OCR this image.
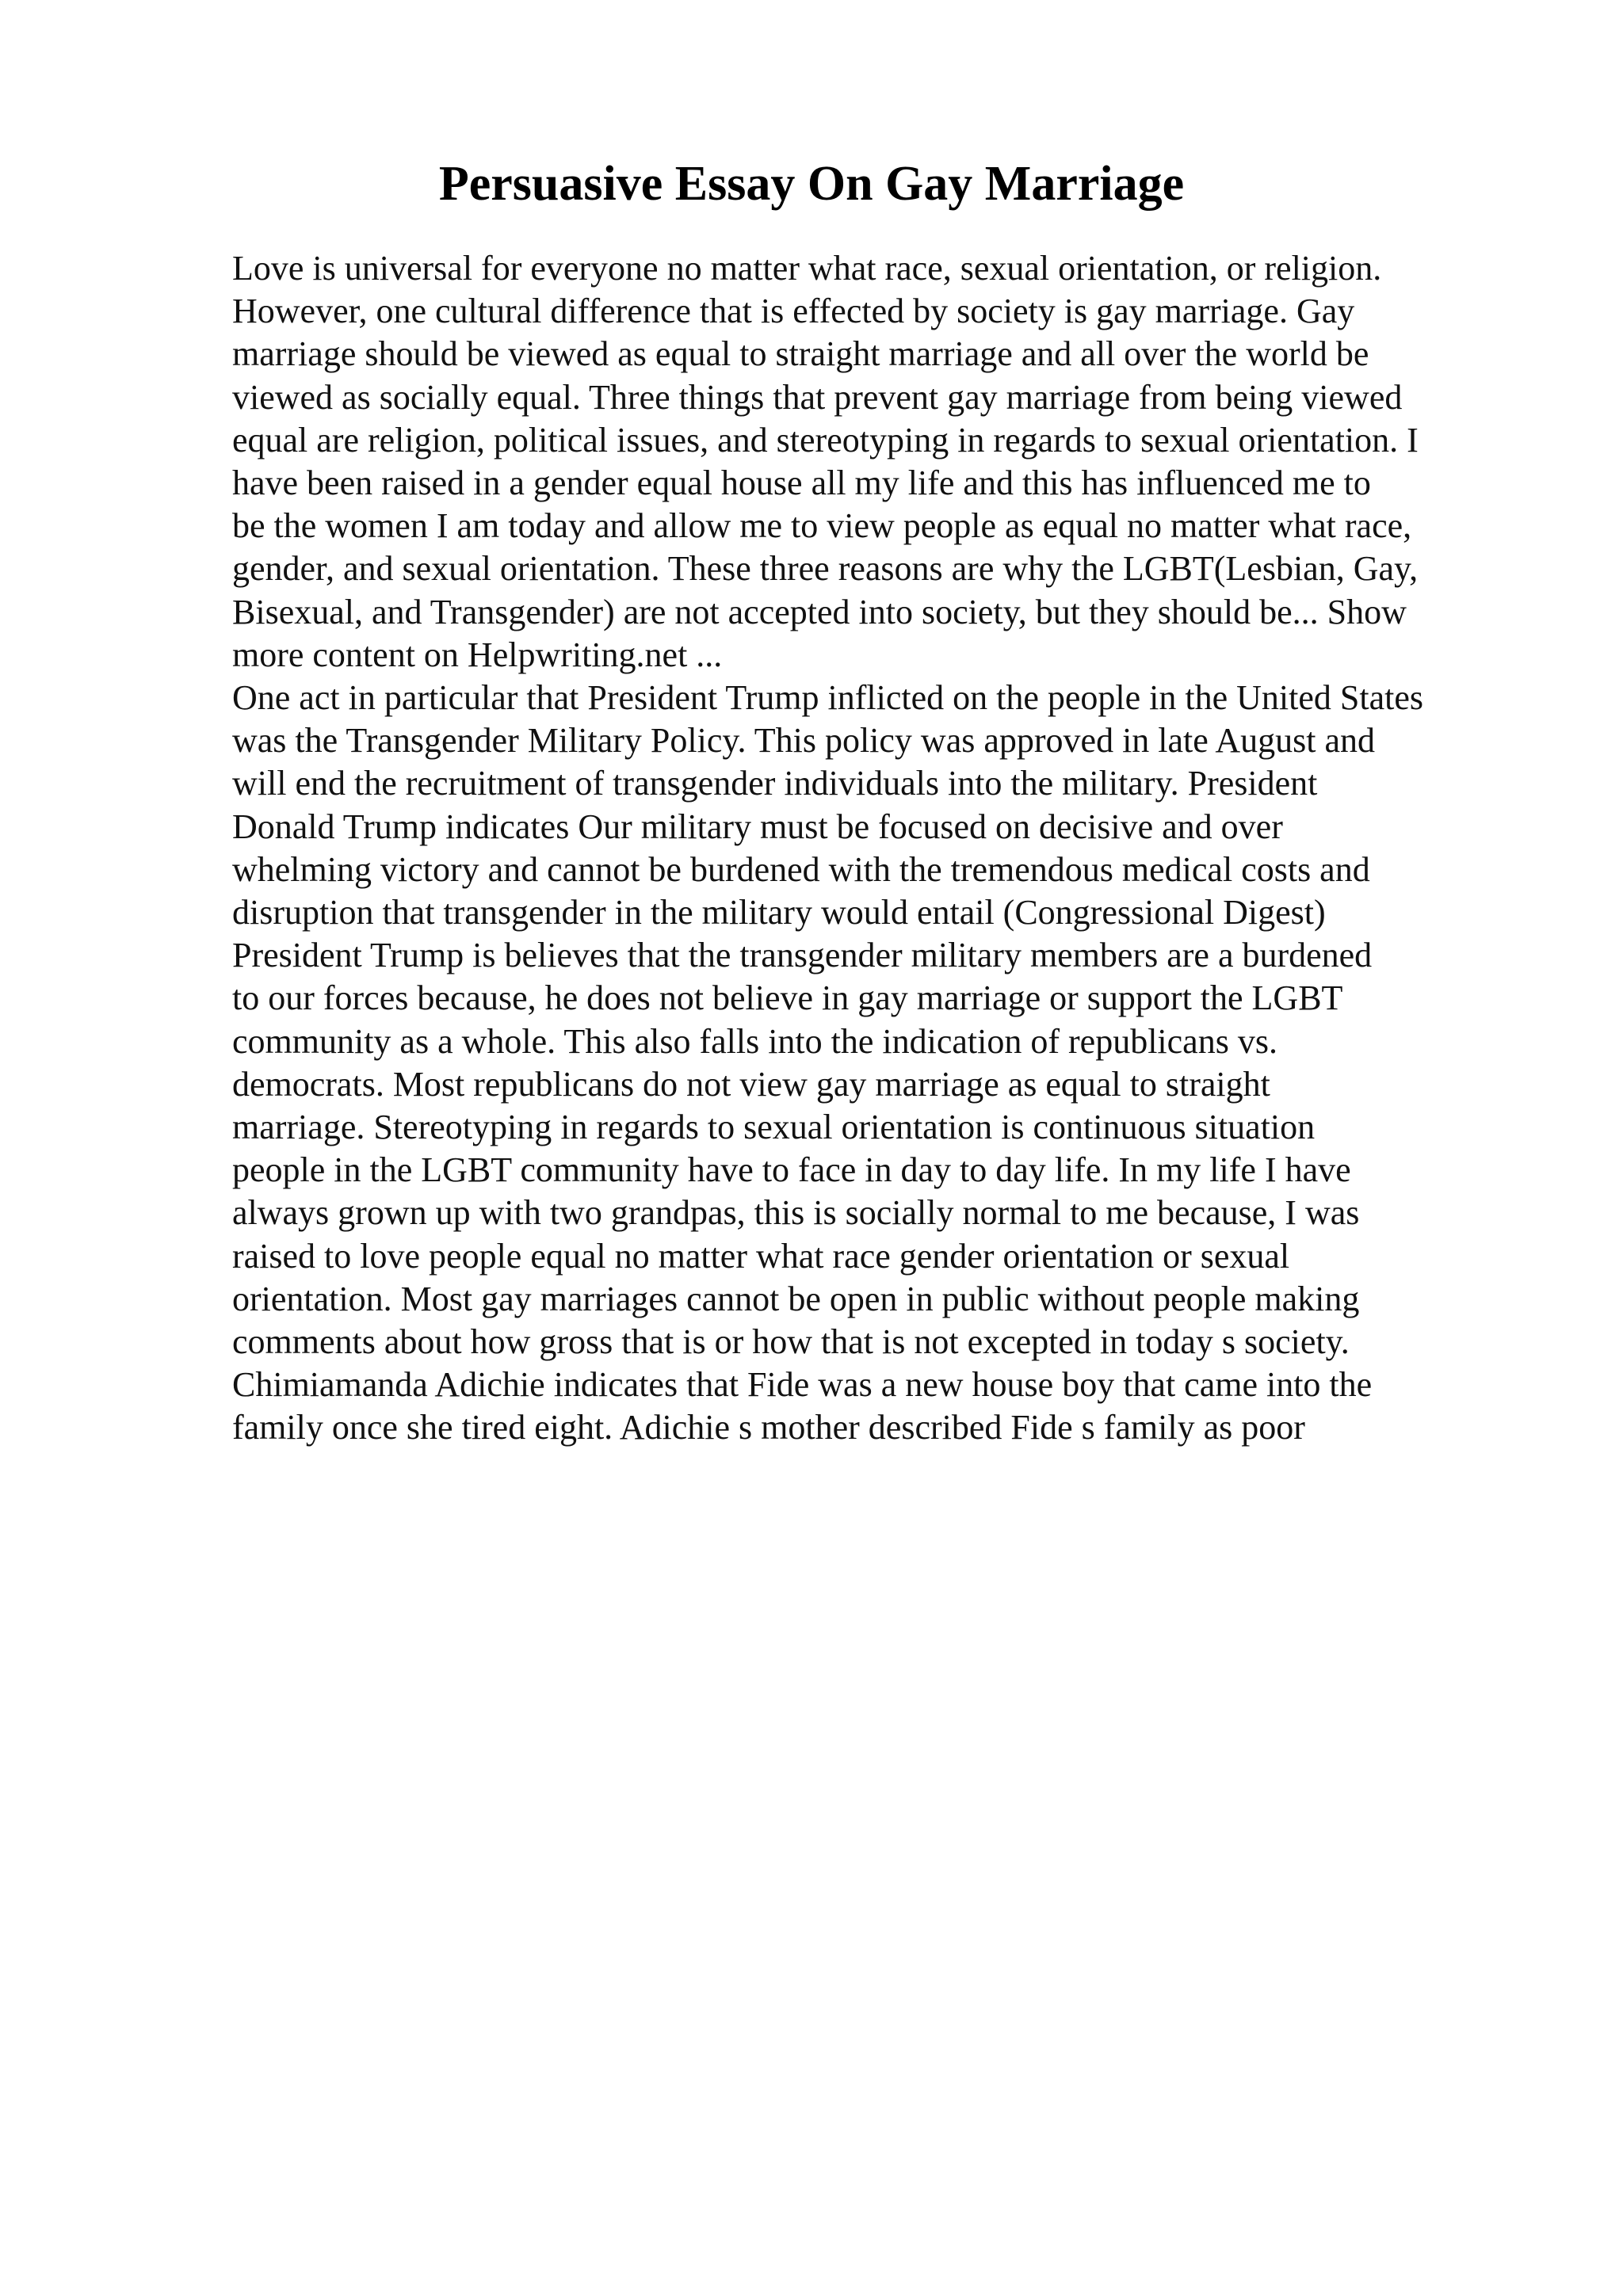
Persuasive Essay On Gay Marriage
Love is universal for everyone no matter what race, sexual orientation, or religion.
However, one cultural difference that is effected by society is gay marriage. Gay
marriage should be viewed as equal to straight marriage and all over the world be
viewed as socially equal. Three things that prevent gay marriage from being viewed
equal are religion, political issues, and stereotyping in regards to sexual orientation. I
have been raised in a gender equal house all my life and this has influenced me to
be the women I am today and allow me to view people as equal no matter what race,
gender, and sexual orientation. These three reasons are why the LGBT(Lesbian, Gay,
Bisexual, and Transgender) are not accepted into society, but they should be... Show
more content on Helpwriting.net ...
One act in particular that President Trump inflicted on the people in the United States
was the Transgender Military Policy. This policy was approved in late August and
will end the recruitment of transgender individuals into the military. President
Donald Trump indicates Our military must be focused on decisive and over
whelming victory and cannot be burdened with the tremendous medical costs and
disruption that transgender in the military would entail (Congressional Digest)
President Trump is believes that the transgender military members are a burdened
to our forces because, he does not believe in gay marriage or support the LGBT
community as a whole. This also falls into the indication of republicans vs.
democrats. Most republicans do not view gay marriage as equal to straight
marriage. Stereotyping in regards to sexual orientation is continuous situation
people in the LGBT community have to face in day to day life. In my life I have
always grown up with two grandpas, this is socially normal to me because, I was
raised to love people equal no matter what race gender orientation or sexual
orientation. Most gay marriages cannot be open in public without people making
comments about how gross that is or how that is not excepted in today s society.
Chimiamanda Adichie indicates that Fide was a new house boy that came into the
family once she tired eight. Adichie s mother described Fide s family as poor
